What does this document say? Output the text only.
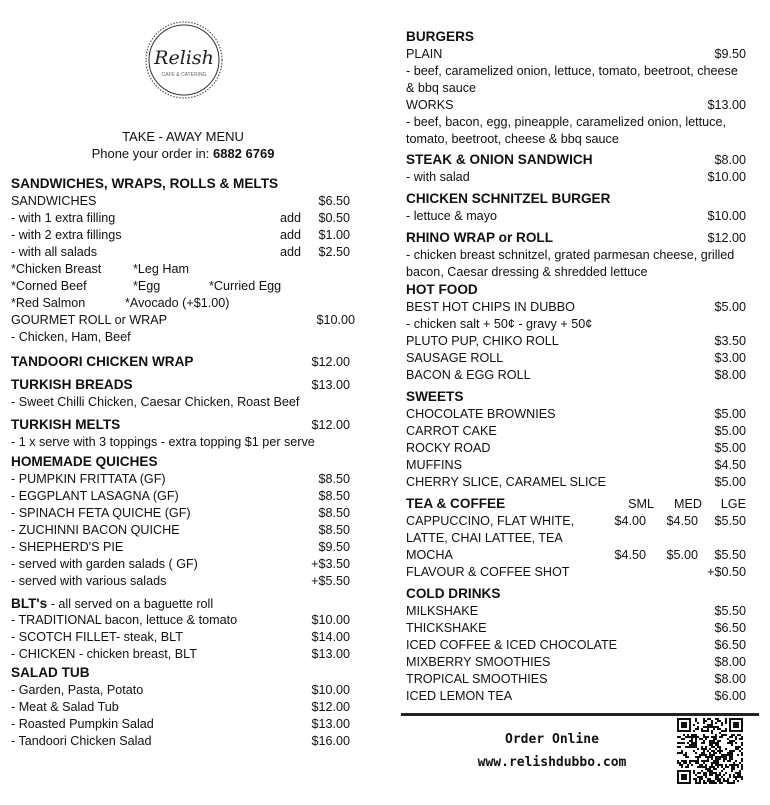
Relish
CAFE & CATERING
TAKE - AWAY MENU
Phone your order in: 6882 6769
SANDWICHES, WRAPS, ROLLS & MELTS
SANDWICHES	$6.50
- with 1 extra filling	add $0.50
- with 2 extra fillings	add $1.00
- with all salads	add $2.50
*Chicken Breast	*Leg Ham
*Corned Beef	*Egg	*Curried Egg
*Red Salmon	*Avocado (+$1.00)
GOURMET ROLL or WRAP	$10.00
- Chicken, Ham, Beef
TANDOORI CHICKEN WRAP	$12.00
TURKISH BREADS	$13.00
- Sweet Chilli Chicken, Caesar Chicken, Roast Beef
TURKISH MELTS	$12.00
- 1 x serve with 3 toppings - extra topping $1 per serve
HOMEMADE QUICHES
- PUMPKIN FRITTATA (GF)	$8.50
- EGGPLANT LASAGNA (GF)	$8.50
- SPINACH FETA QUICHE (GF)	$8.50
- ZUCHINNI BACON QUICHE	$8.50
- SHEPHERD'S PIE	$9.50
- served with garden salads ( GF)	+$3.50
- served with various salads	+$5.50
BLT's - all served on a baguette roll
- TRADITIONAL bacon, lettuce & tomato	$10.00
- SCOTCH FILLET- steak, BLT	$14.00
- CHICKEN - chicken breast, BLT	$13.00
SALAD TUB
- Garden, Pasta, Potato	$10.00
- Meat & Salad Tub	$12.00
- Roasted Pumpkin Salad	$13.00
- Tandoori Chicken Salad	$16.00
BURGERS
PLAIN	$9.50
- beef, caramelized onion, lettuce, tomato, beetroot, cheese & bbq sauce
WORKS	$13.00
- beef, bacon, egg, pineapple, caramelized onion, lettuce, tomato, beetroot, cheese & bbq sauce
STEAK & ONION SANDWICH	$8.00
- with salad	$10.00
CHICKEN SCHNITZEL BURGER
- lettuce & mayo	$10.00
RHINO WRAP or ROLL	$12.00
- chicken breast schnitzel, grated parmesan cheese, grilled bacon, Caesar dressing & shredded lettuce
HOT FOOD
BEST HOT CHIPS IN DUBBO	$5.00
- chicken salt + 50¢ - gravy + 50¢
PLUTO PUP, CHIKO ROLL	$3.50
SAUSAGE ROLL	$3.00
BACON & EGG ROLL	$8.00
SWEETS
CHOCOLATE BROWNIES	$5.00
CARROT CAKE	$5.00
ROCKY ROAD	$5.00
MUFFINS	$4.50
CHERRY SLICE, CARAMEL SLICE	$5.00
TEA & COFFEE	SML	MED	LGE
CAPPUCCINO, FLAT WHITE,	$4.00	$4.50	$5.50
LATTE, CHAI LATTEE, TEA
MOCHA	$4.50	$5.00	$5.50
FLAVOUR & COFFEE SHOT	+$0.50
COLD DRINKS
MILKSHAKE	$5.50
THICKSHAKE	$6.50
ICED COFFEE & ICED CHOCOLATE	$6.50
MIXBERRY SMOOTHIES	$8.00
TROPICAL SMOOTHIES	$8.00
ICED LEMON TEA	$6.00
Order Online
www.relishdubbo.com
